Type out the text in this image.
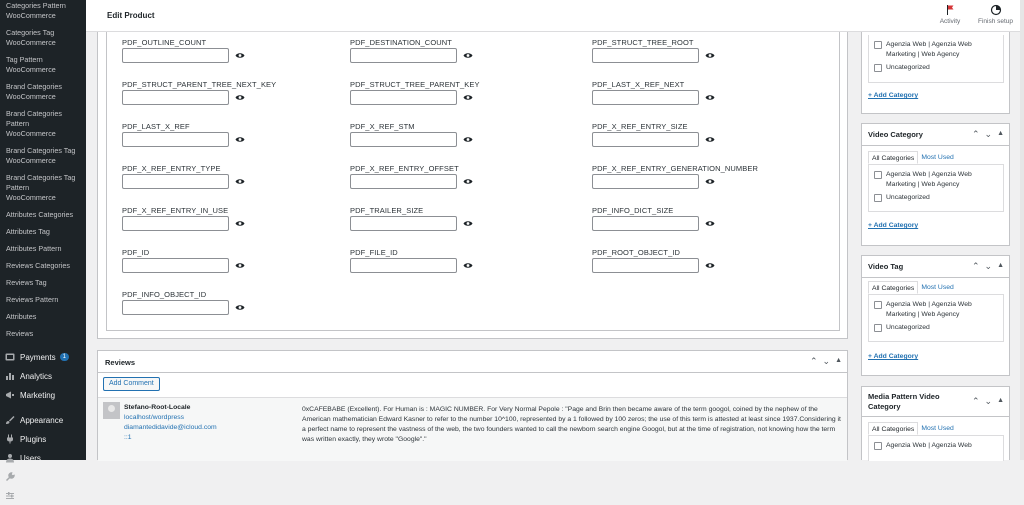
Categories Pattern WooCommerce
Categories Tag WooCommerce
Tag Pattern WooCommerce
Brand Categories WooCommerce
Brand Categories Pattern WooCommerce
Brand Categories Tag WooCommerce
Brand Categories Tag Pattern WooCommerce
Attributes Categories
Attributes Tag
Attributes Pattern
Reviews Categories
Reviews Tag
Reviews Pattern
Attributes
Reviews
Payments	1
Analytics
Marketing
Appearance
Plugins
Users
Tools
Settings
Edit Product
Activity	Finish setup
PDF_OUTLINE_COUNT	PDF_DESTINATION_COUNT	PDF_STRUCT_TREE_ROOT
PDF_STRUCT_PARENT_TREE_NEXT_KEY	PDF_STRUCT_TREE_PARENT_KEY	PDF_LAST_X_REF_NEXT
PDF_LAST_X_REF	PDF_X_REF_STM	PDF_X_REF_ENTRY_SIZE
PDF_X_REF_ENTRY_TYPE	PDF_X_REF_ENTRY_OFFSET	PDF_X_REF_ENTRY_GENERATION_NUMBER
PDF_X_REF_ENTRY_IN_USE	PDF_TRAILER_SIZE	PDF_INFO_DICT_SIZE
PDF_ID	PDF_FILE_ID	PDF_ROOT_OBJECT_ID
PDF_INFO_OBJECT_ID
Reviews	⌃ ⌄ ▲
Add Comment
Stefano-Root-Locale
localhost/wordpress
diamantedidavide@icloud.com
::1
0xCAFEBABE (Excellent). For Human is : MAGIC NUMBER. For Very Normal Pepole : "Page and Brin then became aware of the term googol, coined by the nephew of the American mathematician Edward Kasner to refer to the number 10^100, represented by a 1 followed by 100 zeros; the use of this term is attested at least since 1937.Considering it a perfect name to represent the vastness of the web, the two founders wanted to call the newborn search engine Googol, but at the time of registration, not knowing how the term was written exactly, they wrote "Google"."
Agenzia Web | Agenzia Web Marketing | Web Agency
Uncategorized
+ Add Category
Video Category	⌃ ⌄ ▲
All Categories	Most Used
Agenzia Web | Agenzia Web Marketing | Web Agency
Uncategorized
+ Add Category
Video Tag	⌃ ⌄ ▲
All Categories	Most Used
Agenzia Web | Agenzia Web Marketing | Web Agency
Uncategorized
+ Add Category
Media Pattern Video Category
⌃ ⌄ ▲
All Categories	Most Used
Agenzia Web | Agenzia Web
